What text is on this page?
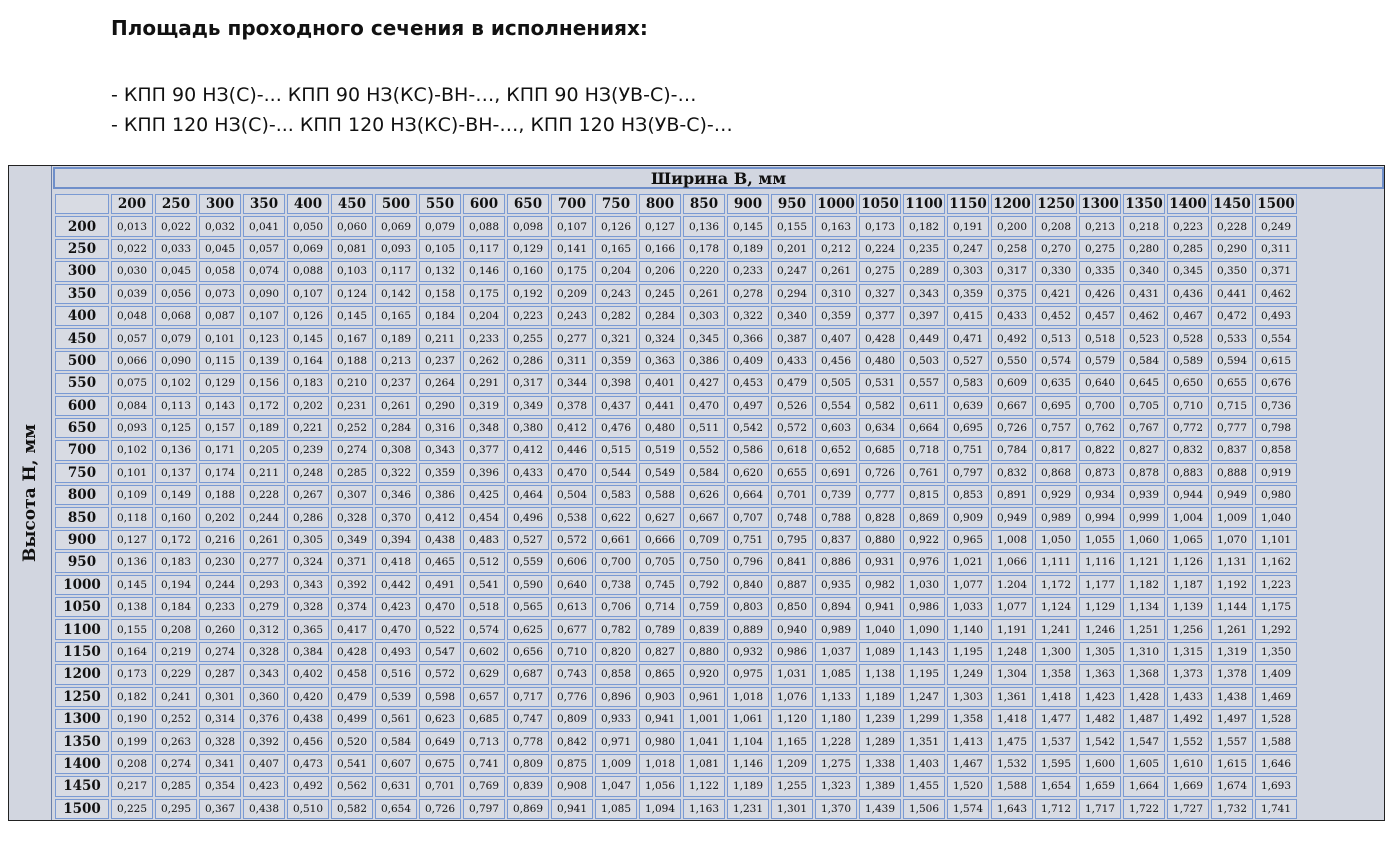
Площадь проходного сечения в исполнениях:
- КПП 90 НЗ(С)-... КПП 90 НЗ(КС)-ВН-…, КПП 90 НЗ(УВ-С)-…
- КПП 120 НЗ(С)-... КПП 120 НЗ(КС)-ВН-…, КПП 120 НЗ(УВ-С)-…
Высота H, мм
Ширина B, мм
	200	250	300	350	400	450	500	550	600	650	700	750	800	850	900	950	1000	1050	1100	1150	1200	1250	1300	1350	1400	1450	1500
200	0,013	0,022	0,032	0,041	0,050	0,060	0,069	0,079	0,088	0,098	0,107	0,126	0,127	0,136	0,145	0,155	0,163	0,173	0,182	0,191	0,200	0,208	0,213	0,218	0,223	0,228	0,249
250	0,022	0,033	0,045	0,057	0,069	0,081	0,093	0,105	0,117	0,129	0,141	0,165	0,166	0,178	0,189	0,201	0,212	0,224	0,235	0,247	0,258	0,270	0,275	0,280	0,285	0,290	0,311
300	0,030	0,045	0,058	0,074	0,088	0,103	0,117	0,132	0,146	0,160	0,175	0,204	0,206	0,220	0,233	0,247	0,261	0,275	0,289	0,303	0,317	0,330	0,335	0,340	0,345	0,350	0,371
350	0,039	0,056	0,073	0,090	0,107	0,124	0,142	0,158	0,175	0,192	0,209	0,243	0,245	0,261	0,278	0,294	0,310	0,327	0,343	0,359	0,375	0,421	0,426	0,431	0,436	0,441	0,462
400	0,048	0,068	0,087	0,107	0,126	0,145	0,165	0,184	0,204	0,223	0,243	0,282	0,284	0,303	0,322	0,340	0,359	0,377	0,397	0,415	0,433	0,452	0,457	0,462	0,467	0,472	0,493
450	0,057	0,079	0,101	0,123	0,145	0,167	0,189	0,211	0,233	0,255	0,277	0,321	0,324	0,345	0,366	0,387	0,407	0,428	0,449	0,471	0,492	0,513	0,518	0,523	0,528	0,533	0,554
500	0,066	0,090	0,115	0,139	0,164	0,188	0,213	0,237	0,262	0,286	0,311	0,359	0,363	0,386	0,409	0,433	0,456	0,480	0,503	0,527	0,550	0,574	0,579	0,584	0,589	0,594	0,615
550	0,075	0,102	0,129	0,156	0,183	0,210	0,237	0,264	0,291	0,317	0,344	0,398	0,401	0,427	0,453	0,479	0,505	0,531	0,557	0,583	0,609	0,635	0,640	0,645	0,650	0,655	0,676
600	0,084	0,113	0,143	0,172	0,202	0,231	0,261	0,290	0,319	0,349	0,378	0,437	0,441	0,470	0,497	0,526	0,554	0,582	0,611	0,639	0,667	0,695	0,700	0,705	0,710	0,715	0,736
650	0,093	0,125	0,157	0,189	0,221	0,252	0,284	0,316	0,348	0,380	0,412	0,476	0,480	0,511	0,542	0,572	0,603	0,634	0,664	0,695	0,726	0,757	0,762	0,767	0,772	0,777	0,798
700	0,102	0,136	0,171	0,205	0,239	0,274	0,308	0,343	0,377	0,412	0,446	0,515	0,519	0,552	0,586	0,618	0,652	0,685	0,718	0,751	0,784	0,817	0,822	0,827	0,832	0,837	0,858
750	0,101	0,137	0,174	0,211	0,248	0,285	0,322	0,359	0,396	0,433	0,470	0,544	0,549	0,584	0,620	0,655	0,691	0,726	0,761	0,797	0,832	0,868	0,873	0,878	0,883	0,888	0,919
800	0,109	0,149	0,188	0,228	0,267	0,307	0,346	0,386	0,425	0,464	0,504	0,583	0,588	0,626	0,664	0,701	0,739	0,777	0,815	0,853	0,891	0,929	0,934	0,939	0,944	0,949	0,980
850	0,118	0,160	0,202	0,244	0,286	0,328	0,370	0,412	0,454	0,496	0,538	0,622	0,627	0,667	0,707	0,748	0,788	0,828	0,869	0,909	0,949	0,989	0,994	0,999	1,004	1,009	1,040
900	0,127	0,172	0,216	0,261	0,305	0,349	0,394	0,438	0,483	0,527	0,572	0,661	0,666	0,709	0,751	0,795	0,837	0,880	0,922	0,965	1,008	1,050	1,055	1,060	1,065	1,070	1,101
950	0,136	0,183	0,230	0,277	0,324	0,371	0,418	0,465	0,512	0,559	0,606	0,700	0,705	0,750	0,796	0,841	0,886	0,931	0,976	1,021	1,066	1,111	1,116	1,121	1,126	1,131	1,162
1000	0,145	0,194	0,244	0,293	0,343	0,392	0,442	0,491	0,541	0,590	0,640	0,738	0,745	0,792	0,840	0,887	0,935	0,982	1,030	1,077	1.204	1,172	1,177	1,182	1,187	1,192	1,223
1050	0,138	0,184	0,233	0,279	0,328	0,374	0,423	0,470	0,518	0,565	0,613	0,706	0,714	0,759	0,803	0,850	0,894	0,941	0,986	1,033	1,077	1,124	1,129	1,134	1,139	1,144	1,175
1100	0,155	0,208	0,260	0,312	0,365	0,417	0,470	0,522	0,574	0,625	0,677	0,782	0,789	0,839	0,889	0,940	0,989	1,040	1,090	1,140	1,191	1,241	1,246	1,251	1,256	1,261	1,292
1150	0,164	0,219	0,274	0,328	0,384	0,428	0,493	0,547	0,602	0,656	0,710	0,820	0,827	0,880	0,932	0,986	1,037	1,089	1,143	1,195	1,248	1,300	1,305	1,310	1,315	1,319	1,350
1200	0,173	0,229	0,287	0,343	0,402	0,458	0,516	0,572	0,629	0,687	0,743	0,858	0,865	0,920	0,975	1,031	1,085	1,138	1,195	1,249	1,304	1,358	1,363	1,368	1,373	1,378	1,409
1250	0,182	0,241	0,301	0,360	0,420	0,479	0,539	0,598	0,657	0,717	0,776	0,896	0,903	0,961	1,018	1,076	1,133	1,189	1,247	1,303	1,361	1,418	1,423	1,428	1,433	1,438	1,469
1300	0,190	0,252	0,314	0,376	0,438	0,499	0,561	0,623	0,685	0,747	0,809	0,933	0,941	1,001	1,061	1,120	1,180	1,239	1,299	1,358	1,418	1,477	1,482	1,487	1,492	1,497	1,528
1350	0,199	0,263	0,328	0,392	0,456	0,520	0,584	0,649	0,713	0,778	0,842	0,971	0,980	1,041	1,104	1,165	1,228	1,289	1,351	1,413	1,475	1,537	1,542	1,547	1,552	1,557	1,588
1400	0,208	0,274	0,341	0,407	0,473	0,541	0,607	0,675	0,741	0,809	0,875	1,009	1,018	1,081	1,146	1,209	1,275	1,338	1,403	1,467	1,532	1,595	1,600	1,605	1,610	1,615	1,646
1450	0,217	0,285	0,354	0,423	0,492	0,562	0,631	0,701	0,769	0,839	0,908	1,047	1,056	1,122	1,189	1,255	1,323	1,389	1,455	1,520	1,588	1,654	1,659	1,664	1,669	1,674	1,693
1500	0,225	0,295	0,367	0,438	0,510	0,582	0,654	0,726	0,797	0,869	0,941	1,085	1,094	1,163	1,231	1,301	1,370	1,439	1,506	1,574	1,643	1,712	1,717	1,722	1,727	1,732	1,741
